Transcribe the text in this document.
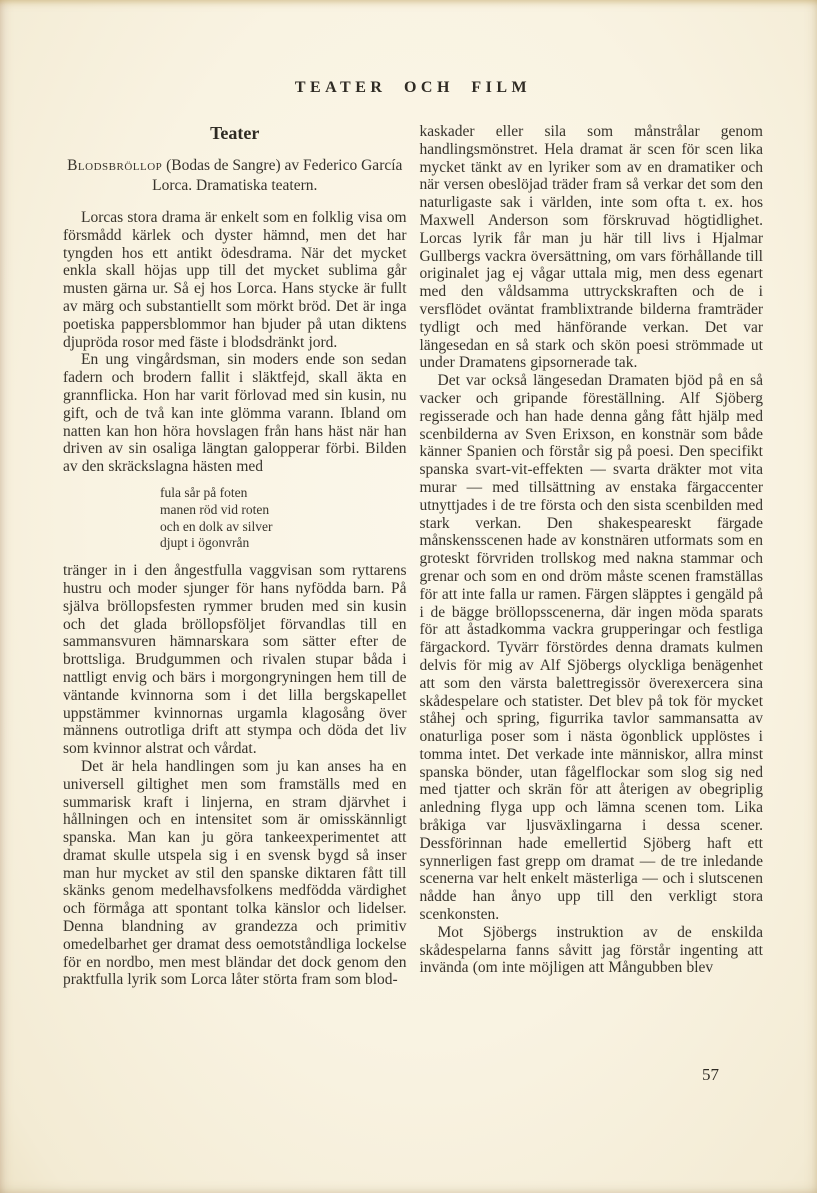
TEATER OCH FILM
Teater

Blodsbröllop (Bodas de Sangre) av Federico García Lorca. Dramatiska teatern.

Lorcas stora drama är enkelt som en folklig visa om försmådd kärlek och dyster hämnd, men det har tyngden hos ett antikt ödesdrama. När det mycket enkla skall höjas upp till det mycket sublima går musten gärna ur. Så ej hos Lorca. Hans stycke är fullt av märg och substantiellt som mörkt bröd. Det är inga poetiska pappersblommor han bjuder på utan diktens djupröda rosor med fäste i blodsdränkt jord.

En ung vingårdsman, sin moders ende son sedan fadern och brodern fallit i släktfejd, skall äkta en grannflicka. Hon har varit förlovad med sin kusin, nu gift, och de två kan inte glömma varann. Ibland om natten kan hon höra hovslagen från hans häst när han driven av sin osaliga längtan galopperar förbi. Bilden av den skräckslagna hästen med

fula sår på foten
manen röd vid roten
och en dolk av silver
djupt i ögonvrån

tränger in i den ångestfulla vaggvisan som ryttarens hustru och moder sjunger för hans nyfödda barn. På själva bröllopsfesten rymmer bruden med sin kusin och det glada bröllopsföljet förvandlas till en sammansvuren hämnarskara som sätter efter de brottsliga. Brudgummen och rivalen stupar båda i nattligt envig och bärs i morgongryningen hem till de väntande kvinnorna som i det lilla bergskapellet uppstämmer kvinnornas urgamla klagosång över männens outrotliga drift att stympa och döda det liv som kvinnor alstrat och vårdat.

Det är hela handlingen som ju kan anses ha en universell giltighet men som framställs med en summarisk kraft i linjerna, en stram djärvhet i hållningen och en intensitet som är omisskännligt spanska. Man kan ju göra tankeexperimentet att dramat skulle utspela sig i en svensk bygd så inser man hur mycket av stil den spanske diktaren fått till skänks genom medelhavsfolkens medfödda värdighet och förmåga att spontant tolka känslor och lidelser. Denna blandning av grandezza och primitiv omedelbarhet ger dramat dess oemotståndliga lockelse för en nordbo, men mest bländar det dock genom den praktfulla lyrik som Lorca låter störta fram som blod-

kaskader eller sila som månstrålar genom handlingsmönstret. Hela dramat är scen för scen lika mycket tänkt av en lyriker som av en dramatiker och när versen obeslöjad träder fram så verkar det som den naturligaste sak i världen, inte som ofta t. ex. hos Maxwell Anderson som förskruvad högtidlighet. Lorcas lyrik får man ju här till livs i Hjalmar Gullbergs vackra översättning, om vars förhållande till originalet jag ej vågar uttala mig, men dess egenart med den våldsamma uttryckskraften och de i versflödet oväntat framblixtrande bilderna framträder tydligt och med hänförande verkan. Det var längesedan en så stark och skön poesi strömmade ut under Dramatens gipsornerade tak.

Det var också längesedan Dramaten bjöd på en så vacker och gripande föreställning. Alf Sjöberg regisserade och han hade denna gång fått hjälp med scenbilderna av Sven Erixson, en konstnär som både känner Spanien och förstår sig på poesi. Den specifikt spanska svart-vit-effekten — svarta dräkter mot vita murar — med tillsättning av enstaka färgaccenter utnyttjades i de tre första och den sista scenbilden med stark verkan. Den shakespeareskt färgade månskensscenen hade av konstnären utformats som en groteskt förvriden trollskog med nakna stammar och grenar och som en ond dröm måste scenen framställas för att inte falla ur ramen. Färgen släpptes i gengäld på i de bägge bröllopsscenerna, där ingen möda sparats för att åstadkomma vackra grupperingar och festliga färgackord. Tyvärr förstördes denna dramats kulmen delvis för mig av Alf Sjöbergs olyckliga benägenhet att som den värsta balettregissör överexercera sina skådespelare och statister. Det blev på tok för mycket ståhej och spring, figurrika tavlor sammansatta av onaturliga poser som i nästa ögonblick upplöstes i tomma intet. Det verkade inte människor, allra minst spanska bönder, utan fågelflockar som slog sig ned med tjatter och skrän för att återigen av obegriplig anledning flyga upp och lämna scenen tom. Lika bråkiga var ljusväxlingarna i dessa scener. Dessförinnan hade emellertid Sjöberg haft ett synnerligen fast grepp om dramat — de tre inledande scenerna var helt enkelt mästerliga — och i slutscenen nådde han ånyo upp till den verkligt stora scenkonsten.

Mot Sjöbergs instruktion av de enskilda skådespelarna fanns såvitt jag förstår ingenting att invända (om inte möjligen att Mångubben blev

57
